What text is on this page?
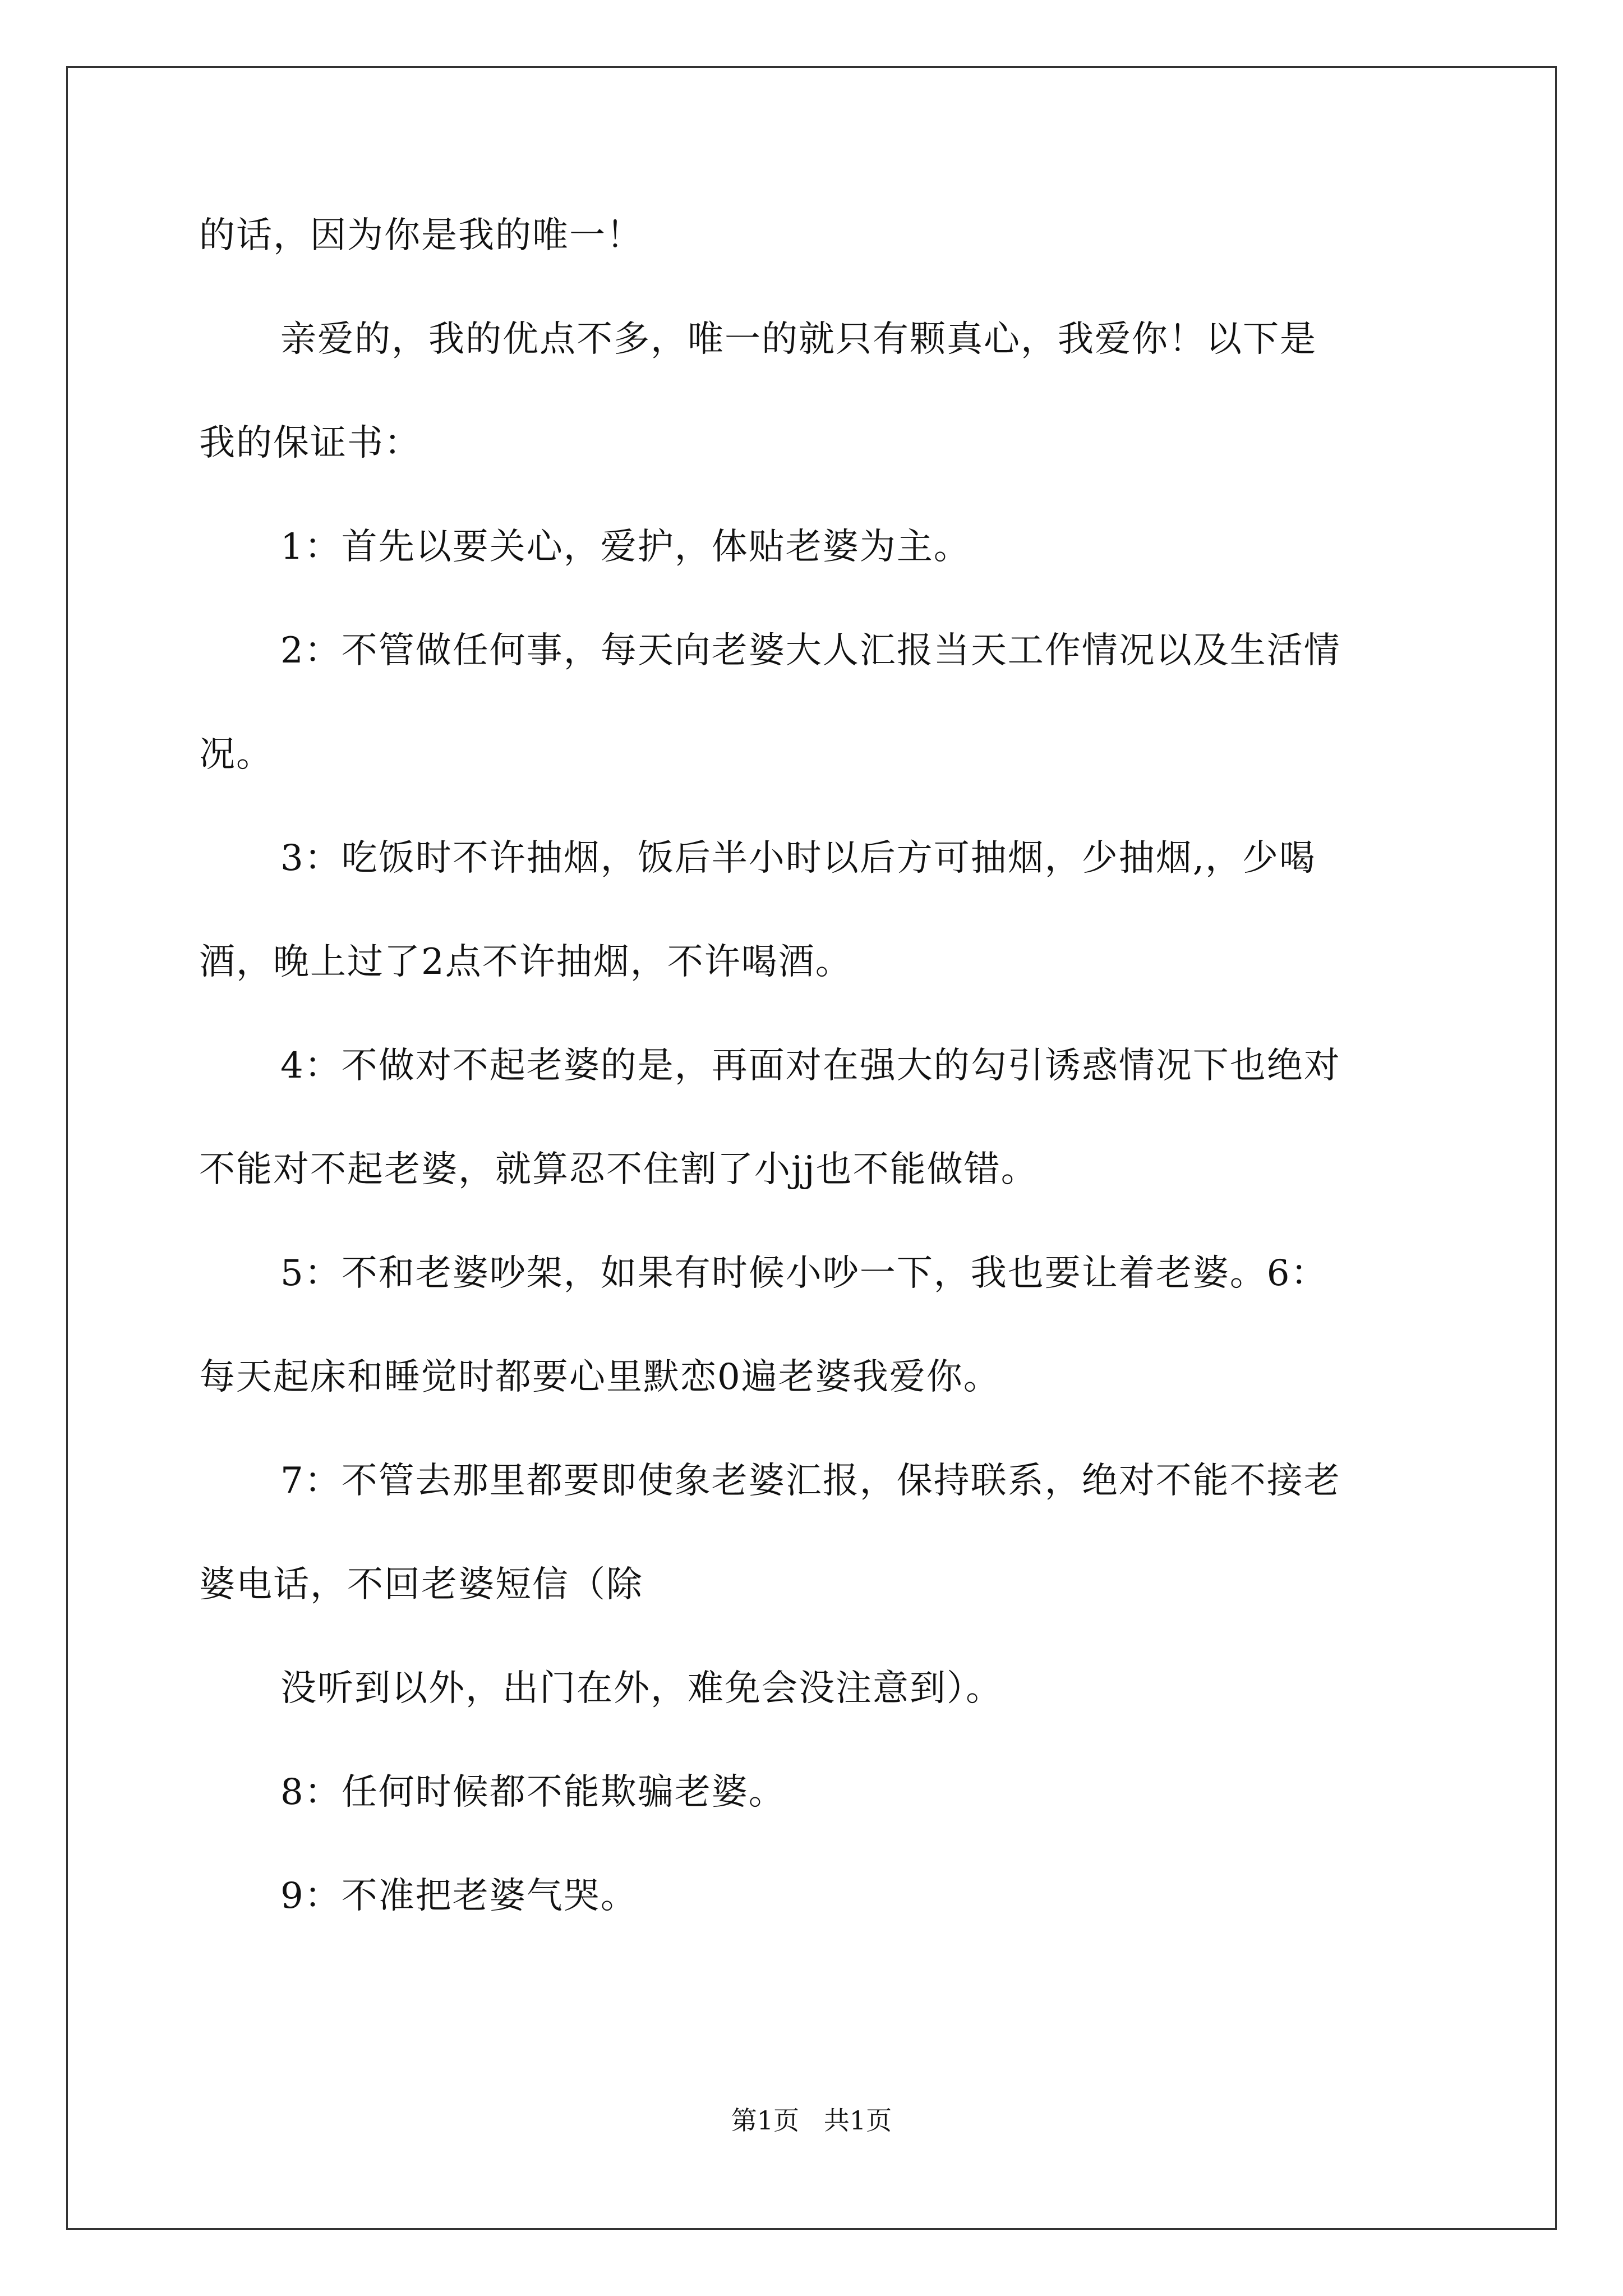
的话，因为你是我的唯一！
亲爱的，我的优点不多，唯一的就只有颗真心，我爱你！以下是
我的保证书：
1：首先以要关心，爱护，体贴老婆为主。
2：不管做任何事，每天向老婆大人汇报当天工作情况以及生活情
况。
3：吃饭时不许抽烟，饭后半小时以后方可抽烟，少抽烟,，少喝
酒，晚上过了2点不许抽烟，不许喝酒。
4：不做对不起老婆的是，再面对在强大的勾引诱惑情况下也绝对
不能对不起老婆，就算忍不住割了小jj也不能做错。
5：不和老婆吵架，如果有时候小吵一下，我也要让着老婆。6：
每天起床和睡觉时都要心里默恋0遍老婆我爱你。
7：不管去那里都要即使象老婆汇报，保持联系，绝对不能不接老
婆电话，不回老婆短信（除
没听到以外，出门在外，难免会没注意到）。
8：任何时候都不能欺骗老婆。
9：不准把老婆气哭。
第1页   共1页
